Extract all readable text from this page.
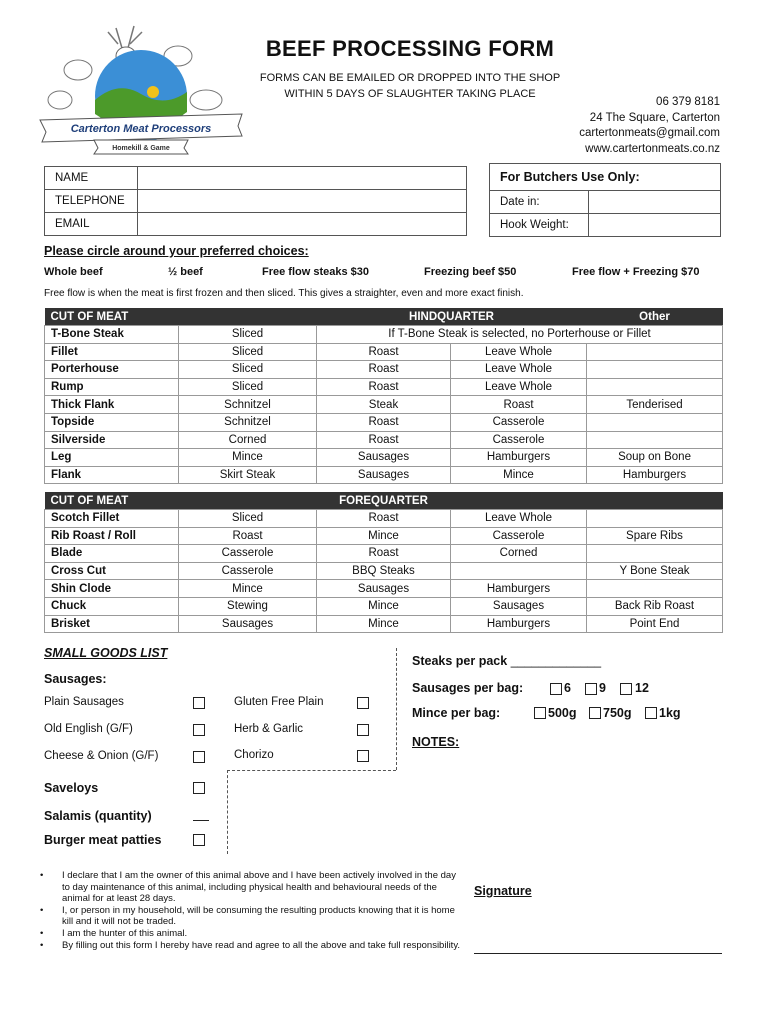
Carterton Meat Processors
Homekill & Game
BEEF PROCESSING FORM
FORMS CAN BE EMAILED OR DROPPED INTO THE SHOP
WITHIN 5 DAYS OF SLAUGHTER TAKING PLACE
06 379 8181
24 The Square, Carterton
cartertonmeats@gmail.com
www.cartertonmeats.co.nz
NAME	
TELEPHONE	
EMAIL	
For Butchers Use Only:	
Date in:	
Hook Weight:	
Please circle around your preferred choices:
Whole beef	½ beef	Free flow steaks $30	Freezing beef $50	Free flow + Freezing $70
Free flow is when the meat is first frozen and then sliced. This gives a straighter, even and more exact finish.
CUT OF MEAT		HINDQUARTER		Other
T-Bone Steak	Sliced	If T-Bone Steak is selected, no Porterhouse or Fillet		
Fillet	Sliced	Roast	Leave Whole	
Porterhouse	Sliced	Roast	Leave Whole	
Rump	Sliced	Roast	Leave Whole	
Thick Flank	Schnitzel	Steak	Roast	Tenderised
Topside	Schnitzel	Roast	Casserole	
Silverside	Corned	Roast	Casserole	
Leg	Mince	Sausages	Hamburgers	Soup on Bone
Flank	Skirt Steak	Sausages	Mince	Hamburgers
CUT OF MEAT		FOREQUARTER		
Scotch Fillet	Sliced	Roast	Leave Whole	
Rib Roast / Roll	Roast	Mince	Casserole	Spare Ribs
Blade	Casserole	Roast	Corned	
Cross Cut	Casserole	BBQ Steaks		Y Bone Steak
Shin Clode	Mince	Sausages	Hamburgers	
Chuck	Stewing	Mince	Sausages	Back Rib Roast
Brisket	Sausages	Mince	Hamburgers	Point End
SMALL GOODS LIST
Sausages:
Plain Sausages	Gluten Free Plain
Old English (G/F)	Herb & Garlic
Cheese & Onion (G/F)	Chorizo
Saveloys
Salamis (quantity)
Burger meat patties
Steaks per pack _____________
Sausages per bag:	6 9 12
Mince per bag:	500g 750g 1kg
NOTES:
• I declare that I am the owner of this animal above and I have been actively involved in the day to day maintenance of this animal, including physical health and behavioural needs of the animal for at least 28 days.
• I, or person in my household, will be consuming the resulting products knowing that it is home kill and it will not be traded.
• I am the hunter of this animal.
• By filling out this form I hereby have read and agree to all the above and take full responsibility.
Signature
